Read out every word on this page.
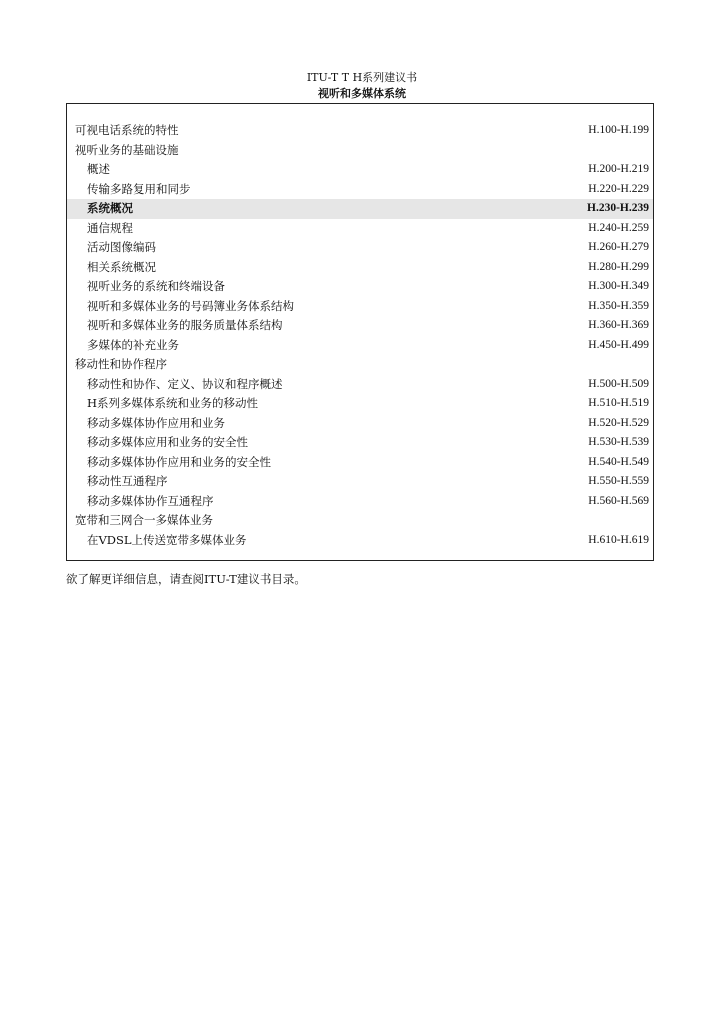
ITU-T T H系列建议书
视听和多媒体系统
可视电话系统的特性	H.100-H.199
视听业务的基础设施
概述	H.200-H.219
传输多路复用和同步	H.220-H.229
系统概况	H.230-H.239
通信规程	H.240-H.259
活动图像编码	H.260-H.279
相关系统概况	H.280-H.299
视听业务的系统和终端设备	H.300-H.349
视听和多媒体业务的号码簿业务体系结构	H.350-H.359
视听和多媒体业务的服务质量体系结构	H.360-H.369
多媒体的补充业务	H.450-H.499
移动性和协作程序
移动性和协作、定义、协议和程序概述	H.500-H.509
H系列多媒体系统和业务的移动性	H.510-H.519
移动多媒体协作应用和业务	H.520-H.529
移动多媒体应用和业务的安全性	H.530-H.539
移动多媒体协作应用和业务的安全性	H.540-H.549
移动性互通程序	H.550-H.559
移动多媒体协作互通程序	H.560-H.569
宽带和三网合一多媒体业务
在VDSL上传送宽带多媒体业务	H.610-H.619
欲了解更详细信息，请查阅ITU-T建议书目录。
